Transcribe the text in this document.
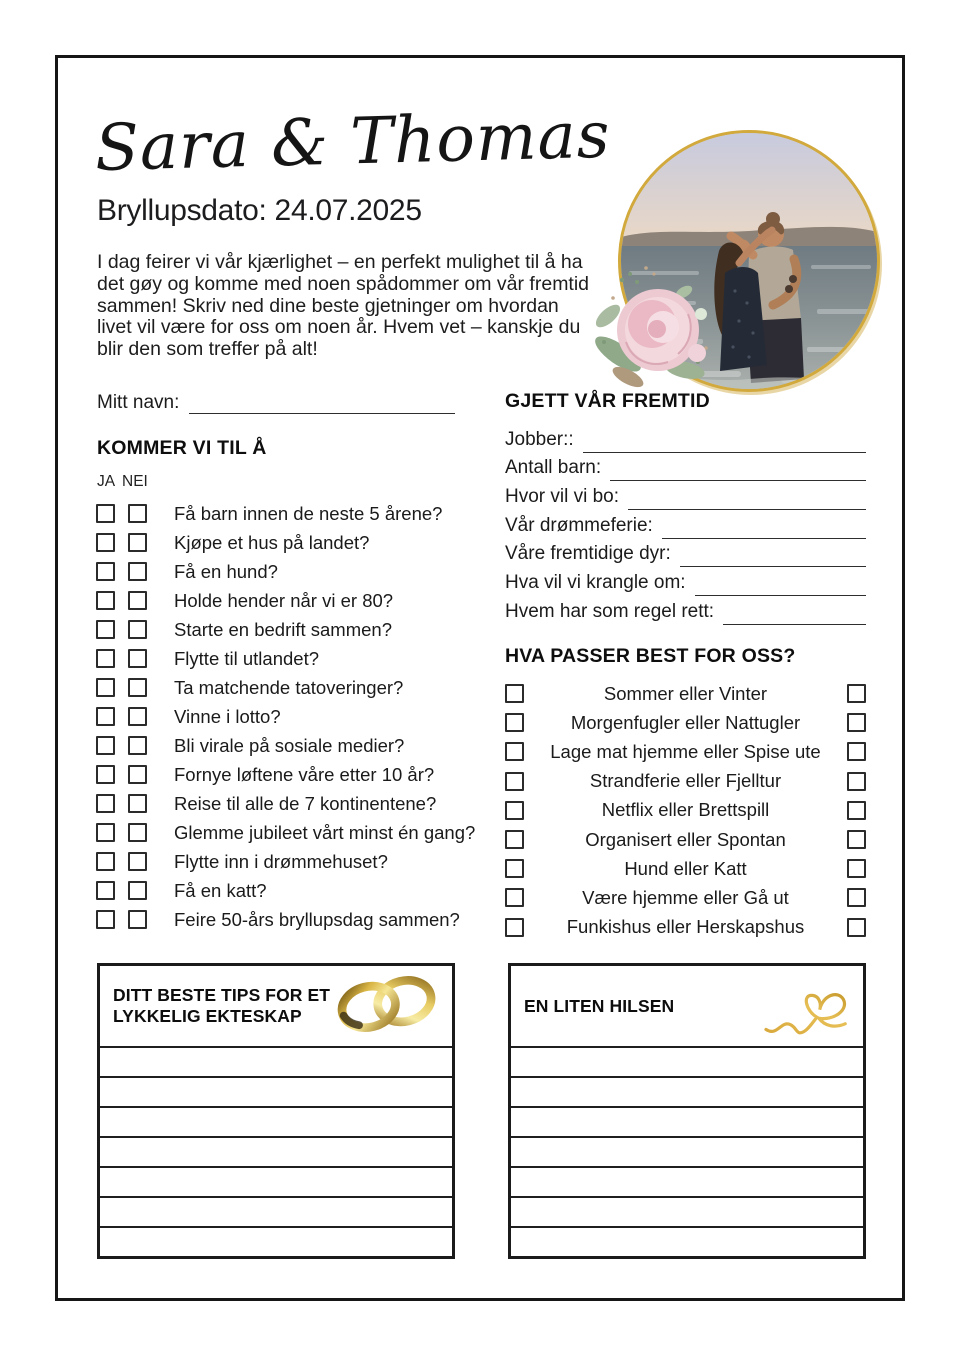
Sara & Thomas
Bryllupsdato: 24.07.2025
I dag feirer vi vår kjærlighet – en perfekt mulighet til å ha det gøy og komme med noen spådommer om vår fremtid sammen! Skriv ned dine beste gjetninger om hvordan livet vil være for oss om noen år. Hvem vet – kanskje du blir den som treffer på alt!
Mitt navn:
KOMMER VI TIL Å
JA NEI
Få barn innen de neste 5 årene?
Kjøpe et hus på landet?
Få en hund?
Holde hender når vi er 80?
Starte en bedrift sammen?
Flytte til utlandet?
Ta matchende tatoveringer?
Vinne i lotto?
Bli virale på sosiale medier?
Fornye løftene våre etter 10 år?
Reise til alle de 7 kontinentene?
Glemme jubileet vårt minst én gang?
Flytte inn i drømmehuset?
Få en katt?
Feire 50-års bryllupsdag sammen?
GJETT VÅR FREMTID
Jobber::
Antall barn:
Hvor vil vi bo:
Vår drømmeferie:
Våre fremtidige dyr:
Hva vil vi krangle om:
Hvem har som regel rett:
HVA PASSER BEST FOR OSS?
Sommer eller Vinter
Morgenfugler eller Nattugler
Lage mat hjemme eller Spise ute
Strandferie eller Fjelltur
Netflix eller Brettspill
Organisert eller Spontan
Hund eller Katt
Være hjemme eller Gå ut
Funkishus eller Herskapshus
DITT BESTE TIPS FOR ET
LYKKELIG EKTESKAP
EN LITEN HILSEN
